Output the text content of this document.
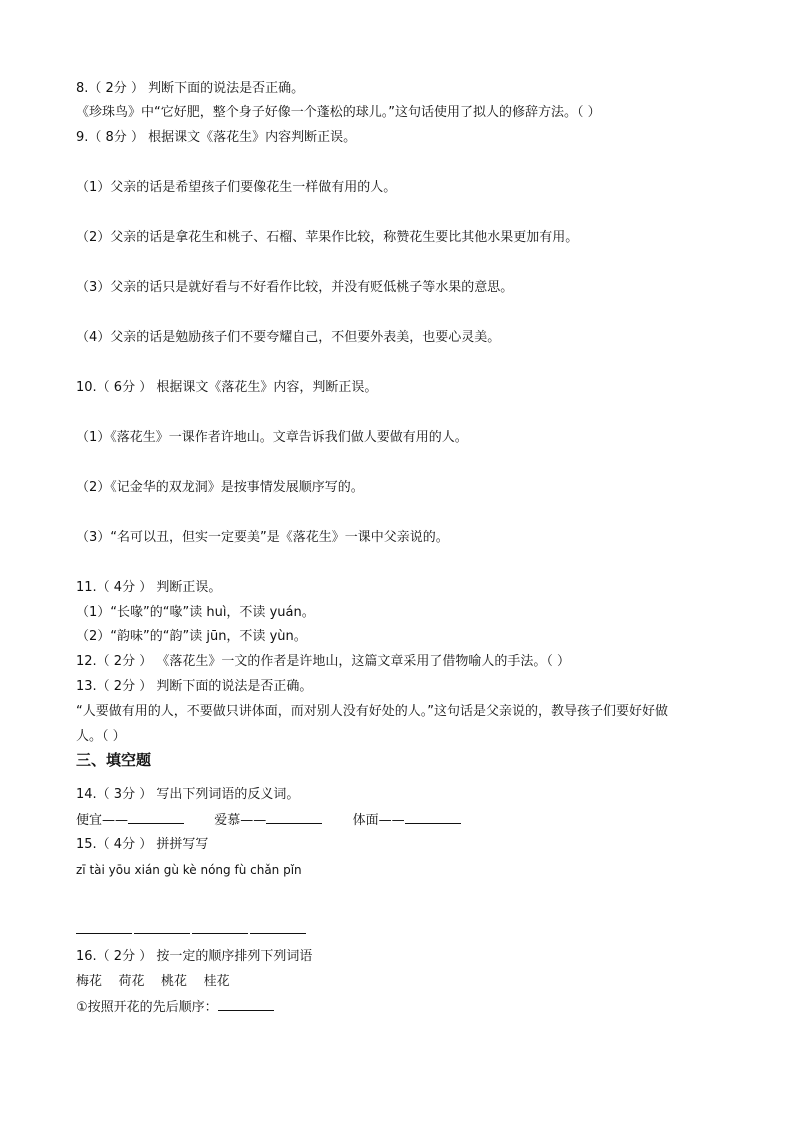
8.（ 2分 ） 判断下面的说法是否正确。
《珍珠鸟》中“它好肥，整个身子好像一个蓬松的球儿。”这句话使用了拟人的修辞方法。（ ）
9.（ 8分 ） 根据课文《落花生》内容判断正误。
（1）父亲的话是希望孩子们要像花生一样做有用的人。
（2）父亲的话是拿花生和桃子、石榴、苹果作比较，称赞花生要比其他水果更加有用。
（3）父亲的话只是就好看与不好看作比较，并没有贬低桃子等水果的意思。
（4）父亲的话是勉励孩子们不要夸耀自己，不但要外表美，也要心灵美。
10.（ 6分 ） 根据课文《落花生》内容，判断正误。
（1）《落花生》一课作者许地山。文章告诉我们做人要做有用的人。
（2）《记金华的双龙洞》是按事情发展顺序写的。
（3）“名可以丑，但实一定要美”是《落花生》一课中父亲说的。
11.（ 4分 ） 判断正误。
（1）“长喙”的“喙”读 huì，不读 yuán。
（2）“韵味”的“韵”读 jūn，不读 yùn。
12.（ 2分 ） 《落花生》一文的作者是许地山，这篇文章采用了借物喻人的手法。（ ）
13.（ 2分 ） 判断下面的说法是否正确。
“人要做有用的人，不要做只讲体面，而对别人没有好处的人。”这句话是父亲说的，教导孩子们要好好做
人。（ ）
三、填空题
14.（ 3分 ） 写出下列词语的反义词。
便宜——	爱慕——	体面——
15.（ 4分 ） 拼拼写写
zī tài yōu xián gù kè nóng fù chǎn pǐn
16.（ 2分 ） 按一定的顺序排列下列词语
梅花    荷花    桃花    桂花
①按照开花的先后顺序：
